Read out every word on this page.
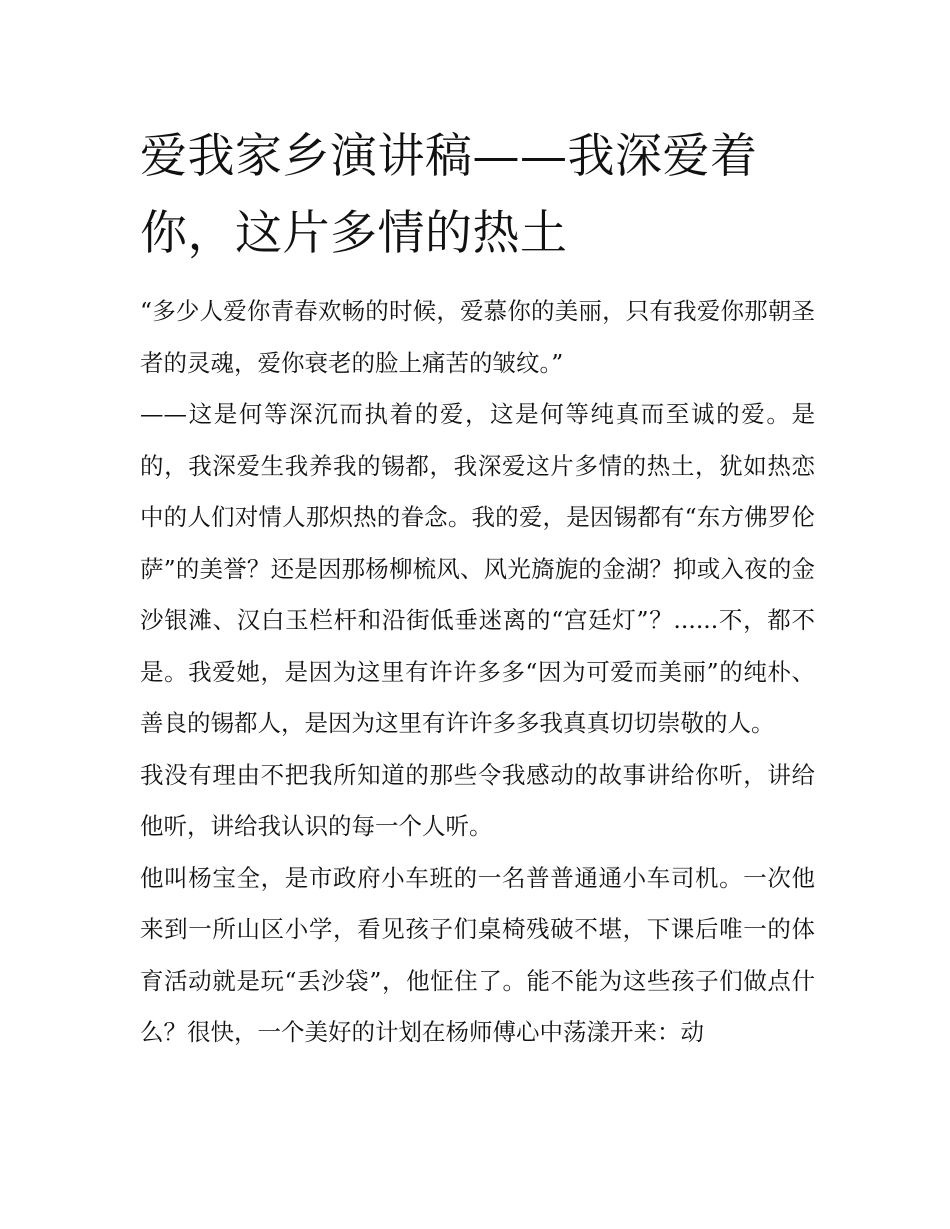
爱我家乡演讲稿——我深爱着你，这片多情的热土

“多少人爱你青春欢畅的时候，爱慕你的美丽，只有我爱你那朝圣者的灵魂，爱你衰老的脸上痛苦的皱纹。”

——这是何等深沉而执着的爱，这是何等纯真而至诚的爱。是的，我深爱生我养我的锡都，我深爱这片多情的热土，犹如热恋中的人们对情人那炽热的眷念。我的爱，是因锡都有“东方佛罗伦萨”的美誉？还是因那杨柳梳风、风光旖旎的金湖？抑或入夜的金沙银滩、汉白玉栏杆和沿街低垂迷离的“宫廷灯”？......不，都不是。我爱她，是因为这里有许许多多“因为可爱而美丽”的纯朴、善良的锡都人，是因为这里有许许多多我真真切切崇敬的人。

我没有理由不把我所知道的那些令我感动的故事讲给你听，讲给他听，讲给我认识的每一个人听。

他叫杨宝全，是市政府小车班的一名普普通通小车司机。一次他来到一所山区小学，看见孩子们桌椅残破不堪，下课后唯一的体育活动就是玩“丢沙袋”，他怔住了。能不能为这些孩子们做点什么？很快，一个美好的计划在杨师傅心中荡漾开来：动
